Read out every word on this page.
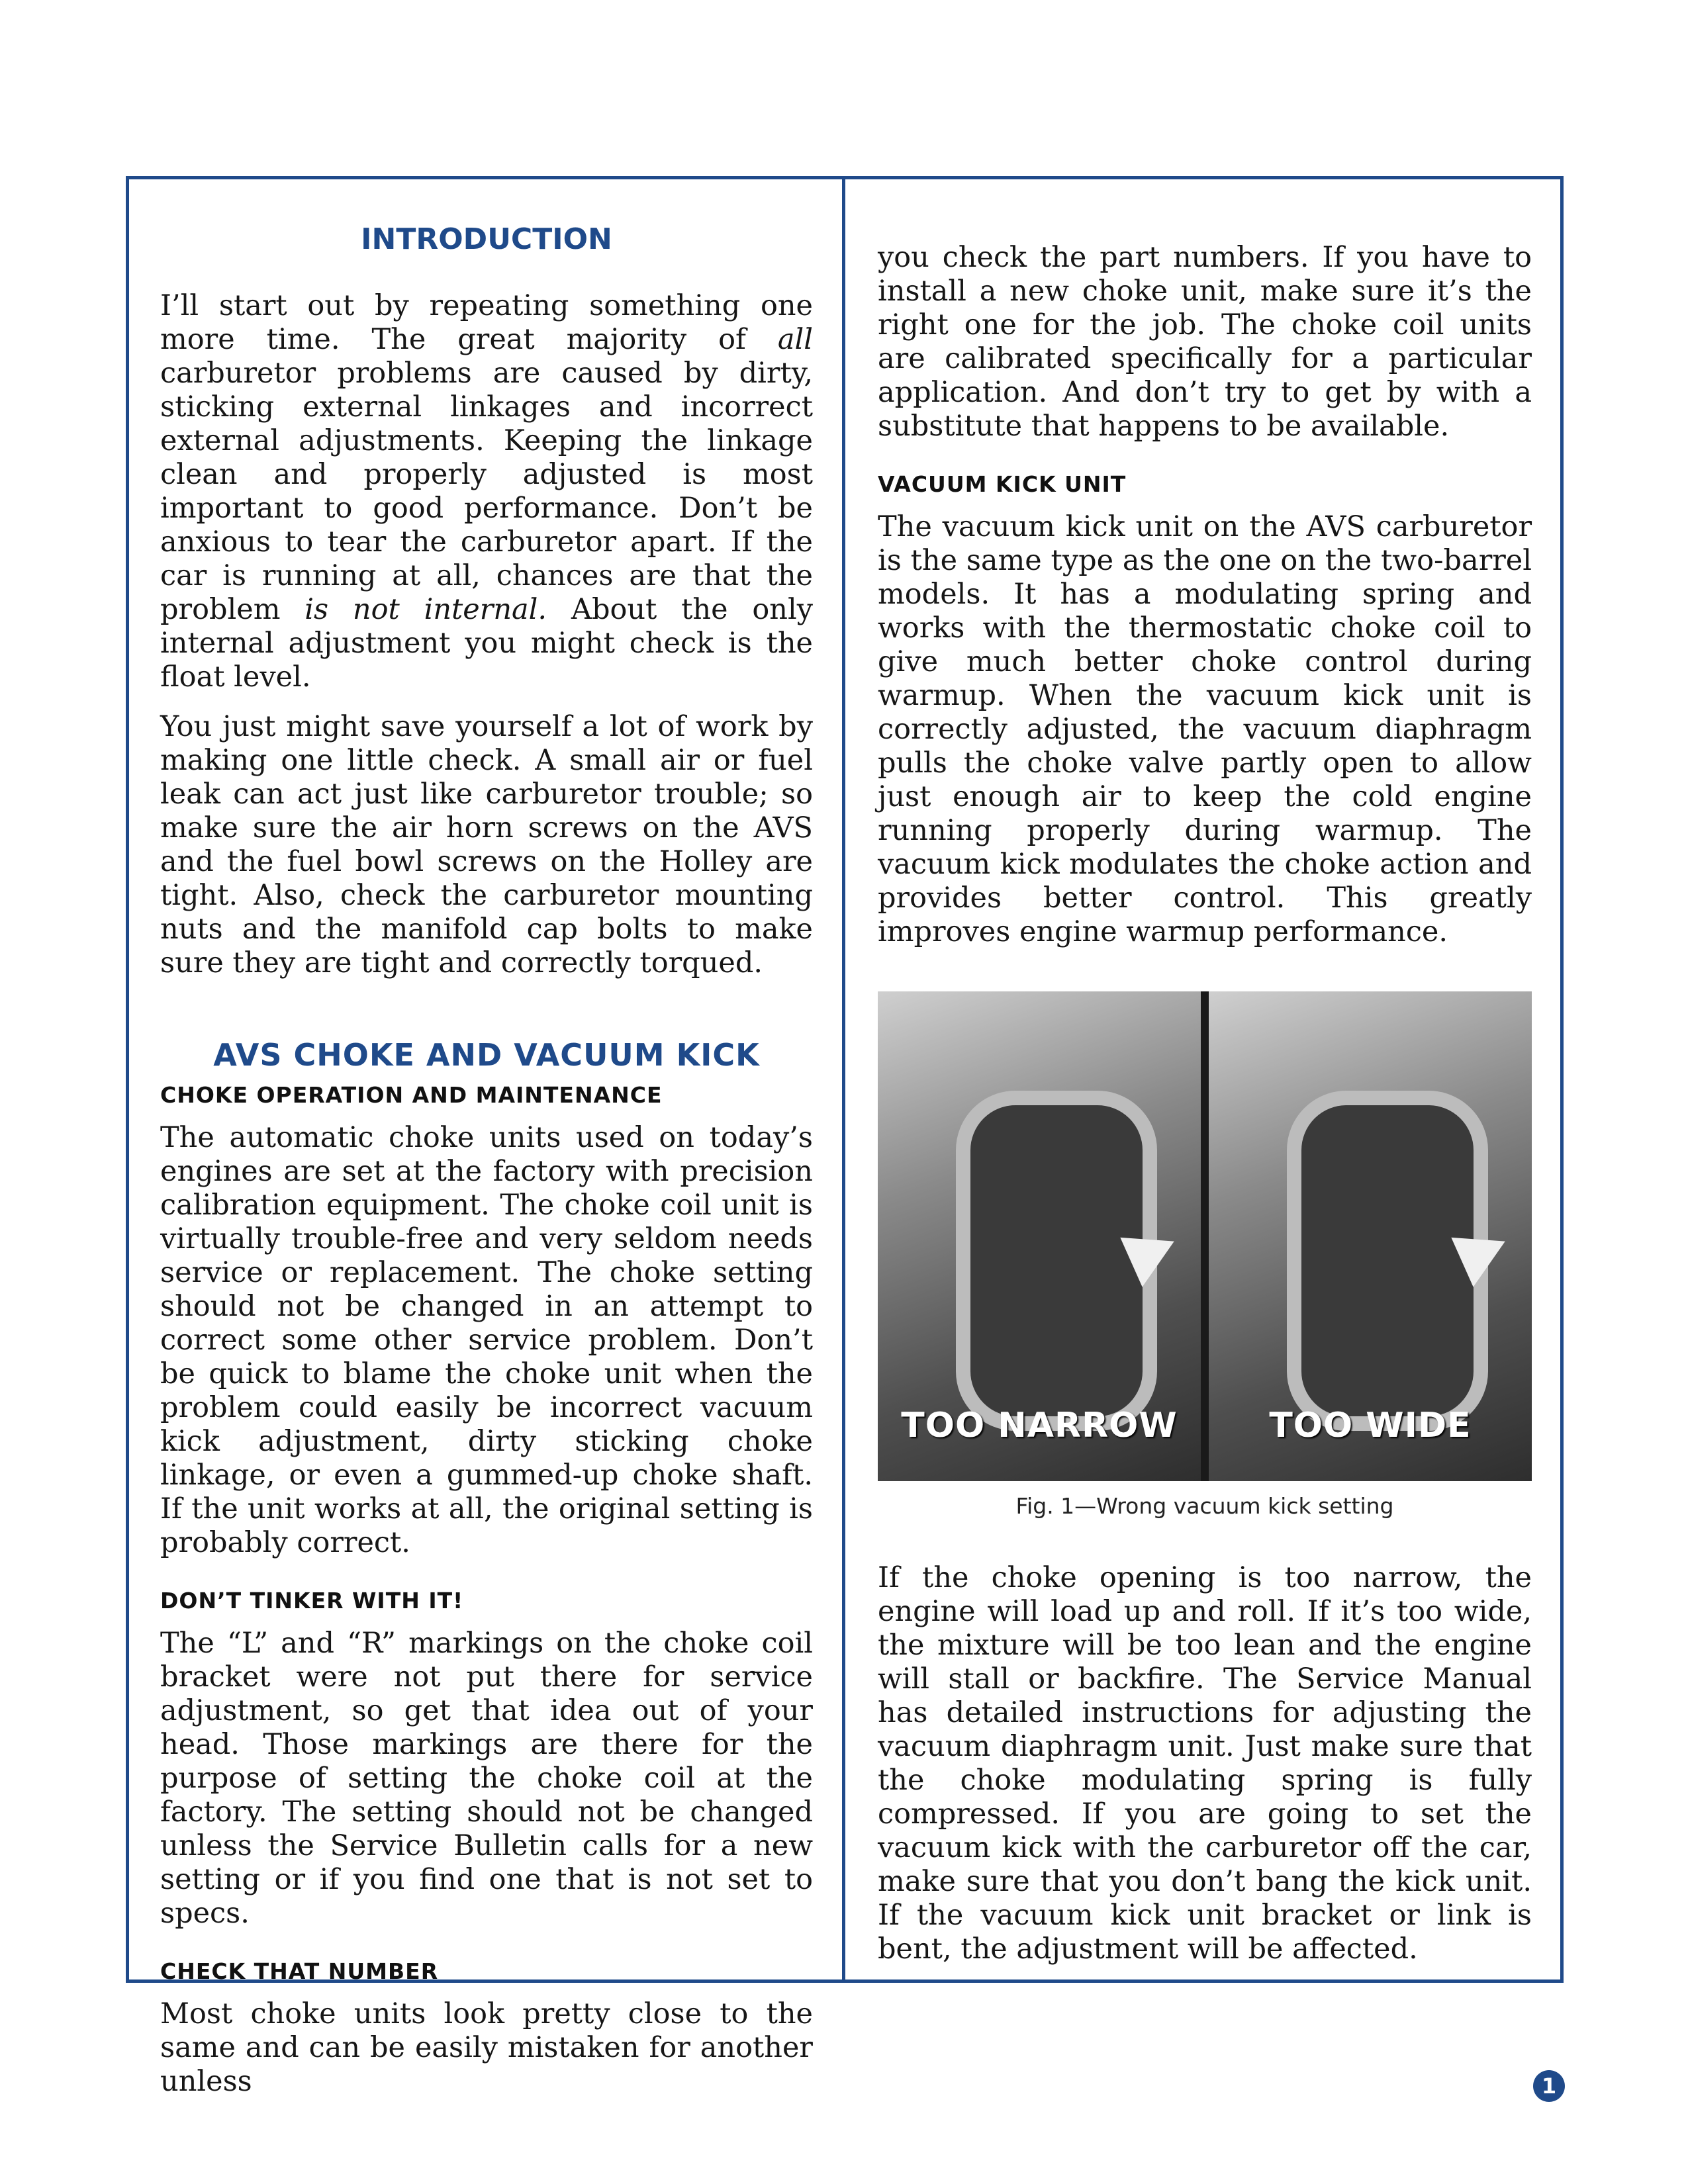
INTRODUCTION

I’ll start out by repeating something one more time. The great majority of all carburetor problems are caused by dirty, sticking external linkages and incorrect external adjustments. Keeping the linkage clean and properly adjusted is most important to good performance. Don’t be anxious to tear the carburetor apart. If the car is running at all, chances are that the problem is not internal. About the only internal adjustment you might check is the float level.

You just might save yourself a lot of work by making one little check. A small air or fuel leak can act just like carburetor trouble; so make sure the air horn screws on the AVS and the fuel bowl screws on the Holley are tight. Also, check the carburetor mounting nuts and the manifold cap bolts to make sure they are tight and correctly torqued.

AVS CHOKE AND VACUUM KICK
CHOKE OPERATION AND MAINTENANCE

The automatic choke units used on today’s engines are set at the factory with precision calibration equipment. The choke coil unit is virtually trouble-free and very seldom needs service or replacement. The choke setting should not be changed in an attempt to correct some other service problem. Don’t be quick to blame the choke unit when the problem could easily be incorrect vacuum kick adjustment, dirty sticking choke linkage, or even a gummed-up choke shaft. If the unit works at all, the original setting is probably correct.

DON’T TINKER WITH IT!

The “L” and “R” markings on the choke coil bracket were not put there for service adjustment, so get that idea out of your head. Those markings are there for the purpose of setting the choke coil at the factory. The setting should not be changed unless the Service Bulletin calls for a new setting or if you find one that is not set to specs.

CHECK THAT NUMBER

Most choke units look pretty close to the same and can be easily mistaken for another unless

you check the part numbers. If you have to install a new choke unit, make sure it’s the right one for the job. The choke coil units are calibrated specifically for a particular application. And don’t try to get by with a substitute that happens to be available.

VACUUM KICK UNIT

The vacuum kick unit on the AVS carburetor is the same type as the one on the two-barrel models. It has a modulating spring and works with the thermostatic choke coil to give much better choke control during warmup. When the vacuum kick unit is correctly adjusted, the vacuum diaphragm pulls the choke valve partly open to allow just enough air to keep the cold engine running properly during warmup. The vacuum kick modulates the choke action and provides better control. This greatly improves engine warmup performance.

TOO NARROW	TOO WIDE
Fig. 1—Wrong vacuum kick setting

If the choke opening is too narrow, the engine will load up and roll. If it’s too wide, the mixture will be too lean and the engine will stall or backfire. The Service Manual has detailed instructions for adjusting the vacuum diaphragm unit. Just make sure that the choke modulating spring is fully compressed. If you are going to set the vacuum kick with the carburetor off the car, make sure that you don’t bang the kick unit. If the vacuum kick unit bracket or link is bent, the adjustment will be affected.

1
